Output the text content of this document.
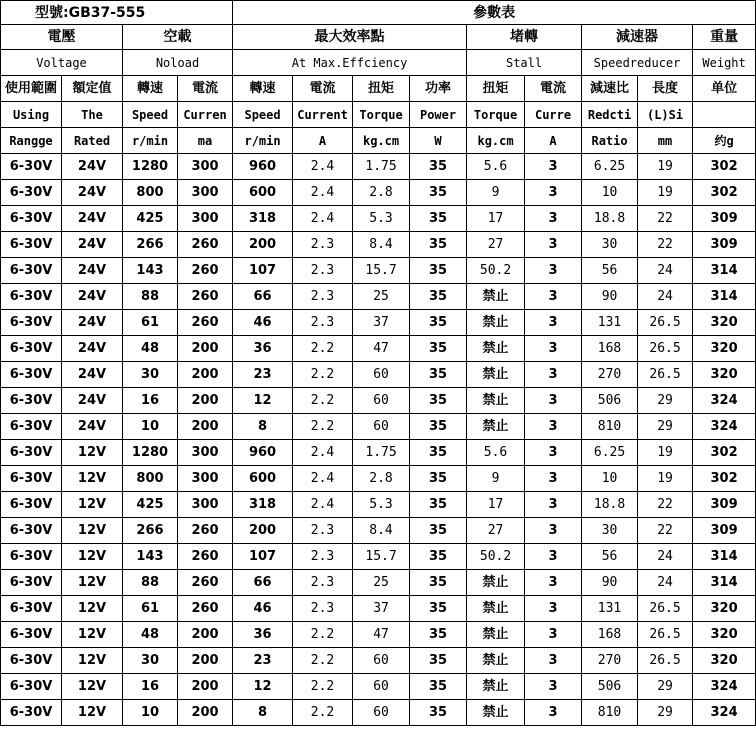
型號:GB37-555				參數表								
電壓		空載		最大效率點				堵轉		減速器		重量
Voltage		Noload		At Max.Effciency				Stall		Speedreducer		Weight
使用範圍	額定值	轉速	電流	轉速	電流	扭矩	功率	扭矩	電流	減速比	長度	单位
Using	The	Speed	Curren	Speed	Current	Torque	Power	Torque	Curre	Redcti	(L)Si	
Rangge	Rated	r/min	ma	r/min	A	kg.cm	W	kg.cm	A	Ratio	mm	约g
6-30V	24V	1280	300	960	2.4	1.75	35	5.6	3	6.25	19	302
6-30V	24V	800	300	600	2.4	2.8	35	9	3	10	19	302
6-30V	24V	425	300	318	2.4	5.3	35	17	3	18.8	22	309
6-30V	24V	266	260	200	2.3	8.4	35	27	3	30	22	309
6-30V	24V	143	260	107	2.3	15.7	35	50.2	3	56	24	314
6-30V	24V	88	260	66	2.3	25	35	禁止	3	90	24	314
6-30V	24V	61	260	46	2.3	37	35	禁止	3	131	26.5	320
6-30V	24V	48	200	36	2.2	47	35	禁止	3	168	26.5	320
6-30V	24V	30	200	23	2.2	60	35	禁止	3	270	26.5	320
6-30V	24V	16	200	12	2.2	60	35	禁止	3	506	29	324
6-30V	24V	10	200	8	2.2	60	35	禁止	3	810	29	324
6-30V	12V	1280	300	960	2.4	1.75	35	5.6	3	6.25	19	302
6-30V	12V	800	300	600	2.4	2.8	35	9	3	10	19	302
6-30V	12V	425	300	318	2.4	5.3	35	17	3	18.8	22	309
6-30V	12V	266	260	200	2.3	8.4	35	27	3	30	22	309
6-30V	12V	143	260	107	2.3	15.7	35	50.2	3	56	24	314
6-30V	12V	88	260	66	2.3	25	35	禁止	3	90	24	314
6-30V	12V	61	260	46	2.3	37	35	禁止	3	131	26.5	320
6-30V	12V	48	200	36	2.2	47	35	禁止	3	168	26.5	320
6-30V	12V	30	200	23	2.2	60	35	禁止	3	270	26.5	320
6-30V	12V	16	200	12	2.2	60	35	禁止	3	506	29	324
6-30V	12V	10	200	8	2.2	60	35	禁止	3	810	29	324
